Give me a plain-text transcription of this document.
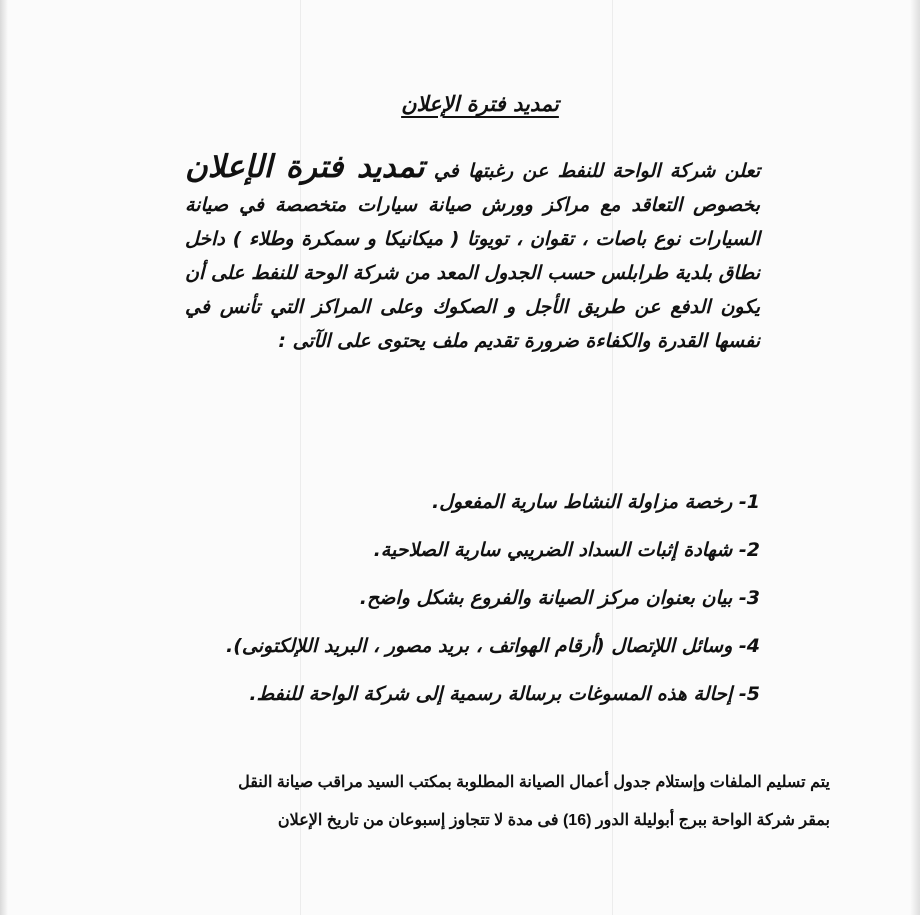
تمديد فترة الإعلان
تعلن شركة الواحة للنفط عن رغبتها في تمديد فترة الإعلان بخصوص التعاقد مع مراكز وورش صيانة سيارات متخصصة في صيانة السيارات نوع باصات ، تقوان ، تويوتا ( ميكانيكا و سمكرة وطلاء ) داخل نطاق بلدية طرابلس حسب الجدول المعد من شركة الوحة للنفط على أن يكون الدفع عن طريق الأجل و الصكوك وعلى المراكز التي تأنس في نفسها القدرة والكفاءة ضرورة تقديم ملف يحتوى على الآتى :
1- رخصة مزاولة النشاط سارية المفعول.
2- شهادة إثبات السداد الضريبي سارية الصلاحية.
3- بيان بعنوان مركز الصيانة والفروع بشكل واضح.
4- وسائل اللإتصال (أرقام الهواتف ، بريد مصور ، البريد اللإلكتونى).
5- إحالة هذه المسوغات برسالة رسمية إلى شركة الواحة للنفط.

يتم تسليم الملفات وإستلام جدول أعمال الصيانة المطلوبة بمكتب السيد مراقب صيانة النقل

بمقر شركة الواحة ببرج أبوليلة الدور (16) فى مدة لا تتجاوز إسبوعان من تاريخ الإعلان
